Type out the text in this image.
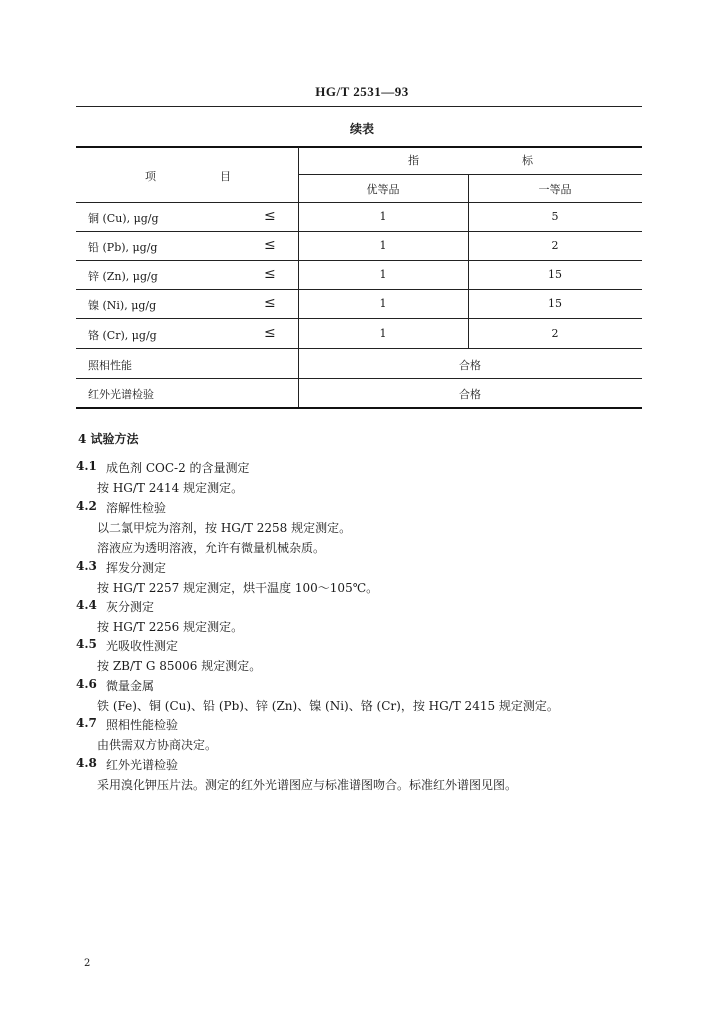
HG/T 2531—93
续表
项	目
指	标
优等品	一等品
铜 (Cu), μg/g	≤	1	5
铅 (Pb), μg/g	≤	1	2
锌 (Zn), μg/g	≤	1	15
镍 (Ni), μg/g	≤	1	15
铬 (Cr), μg/g	≤	1	2
照相性能	合格
红外光谱检验	合格
4 试验方法
4.1 成色剂 COC-2 的含量测定
按 HG/T 2414 规定测定。
4.2 溶解性检验
以二氯甲烷为溶剂，按 HG/T 2258 规定测定。
溶液应为透明溶液，允许有微量机械杂质。
4.3 挥发分测定
按 HG/T 2257 规定测定，烘干温度 100～105℃。
4.4 灰分测定
按 HG/T 2256 规定测定。
4.5 光吸收性测定
按 ZB/T G 85006 规定测定。
4.6 微量金属
铁 (Fe)、铜 (Cu)、铅 (Pb)、锌 (Zn)、镍 (Ni)、铬 (Cr)，按 HG/T 2415 规定测定。
4.7 照相性能检验
由供需双方协商决定。
4.8 红外光谱检验
采用溴化钾压片法。测定的红外光谱图应与标准谱图吻合。标准红外谱图见图。
2
